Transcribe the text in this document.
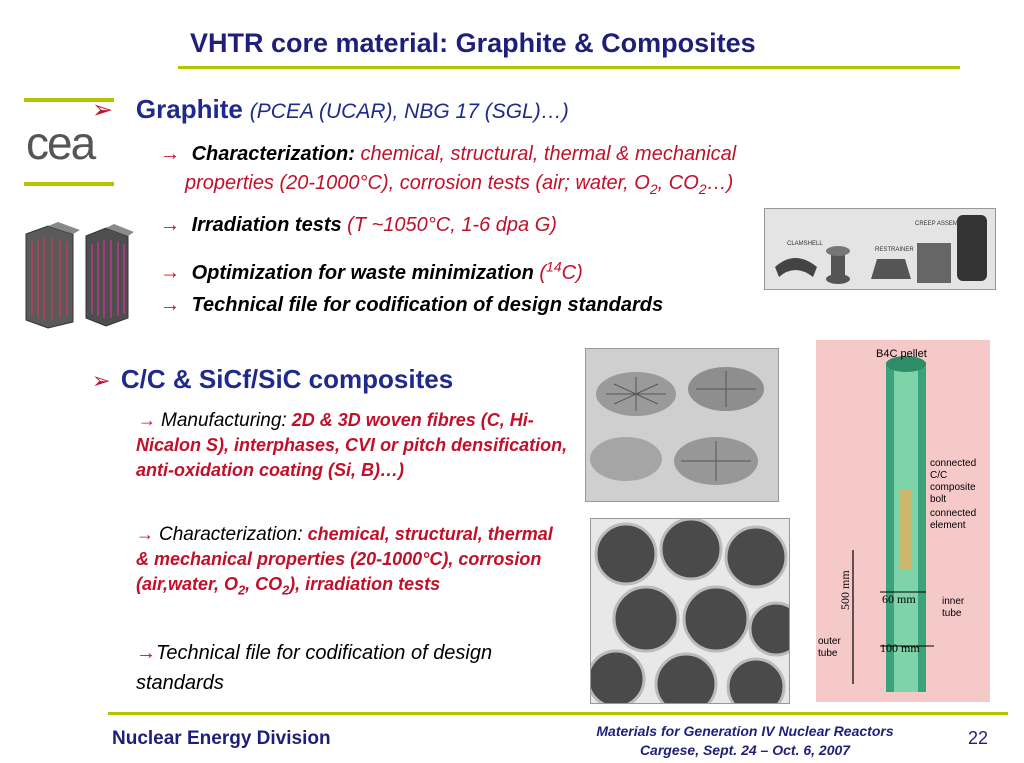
VHTR core material: Graphite & Composites
cea
➢ Graphite (PCEA (UCAR), NBG 17 (SGL)…)
→ Characterization: chemical, structural, thermal & mechanical
properties (20-1000°C), corrosion tests (air; water, $O_2$, $CO_2\dots$)
→ Irradiation tests (T ~1050°C, 1-6 dpa G)
→ Optimization for waste minimization ($^{14}$C)
→ Technical file for codification of design standards
CLAMSHELL
RESTRAINER
CREEP ASSEMBLY
➢ C/C & SiCf/SiC composites
→ Manufacturing: 2D & 3D woven fibres (C, Hi-Nicalon S), interphases, CVI or pitch densification, anti-oxidation coating (Si, B)…)
→ Characterization: chemical, structural, thermal & mechanical properties (20-1000°C), corrosion (air,water, $O_2$, $CO_2$), irradiation tests
→Technical file for codification of design standards
B4C pellet
connected C/C composite bolt
connected element
inner tube
outer tube
500 mm	60 mm
100 mm
Nuclear Energy Division	Materials for Generation IV Nuclear Reactors
Cargese, Sept. 24 – Oct. 6, 2007
22
